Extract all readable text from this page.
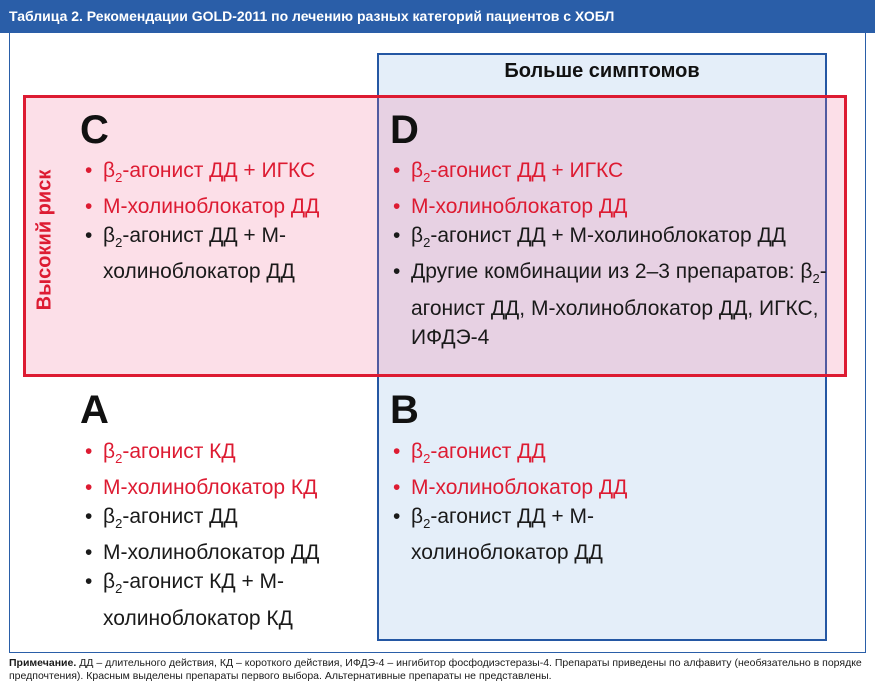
Таблица 2. Рекомендации GOLD-2011 по лечению разных категорий пациентов с ХОБЛ
Больше симптомов
Высокий риск
C
• $\beta_2$-агонист ДД + ИГКС
• М-холиноблокатор ДД
• $\beta_2$-агонист ДД + М-холиноблокатор ДД
D
• $\beta_2$-агонист ДД + ИГКС
• М-холиноблокатор ДД
• $\beta_2$-агонист ДД + М-холиноблокатор ДД
• Другие комбинации из 2–3 препаратов: $\beta_2$-агонист ДД, М-холиноблокатор ДД, ИГКС, ИФДЭ-4
A
• $\beta_2$-агонист КД
• М-холиноблокатор КД
• $\beta_2$-агонист ДД
• М-холиноблокатор ДД
• $\beta_2$-агонист КД + М-холиноблокатор КД
B
• $\beta_2$-агонист ДД
• М-холиноблокатор ДД
• $\beta_2$-агонист ДД + М-холиноблокатор ДД
Примечание. ДД – длительного действия, КД – короткого действия, ИФДЭ-4 – ингибитор фосфодиэстеразы-4. Препараты приведены по алфавиту (необязательно в порядке предпочтения). Красным выделены препараты первого выбора. Альтернативные препараты не представлены.
